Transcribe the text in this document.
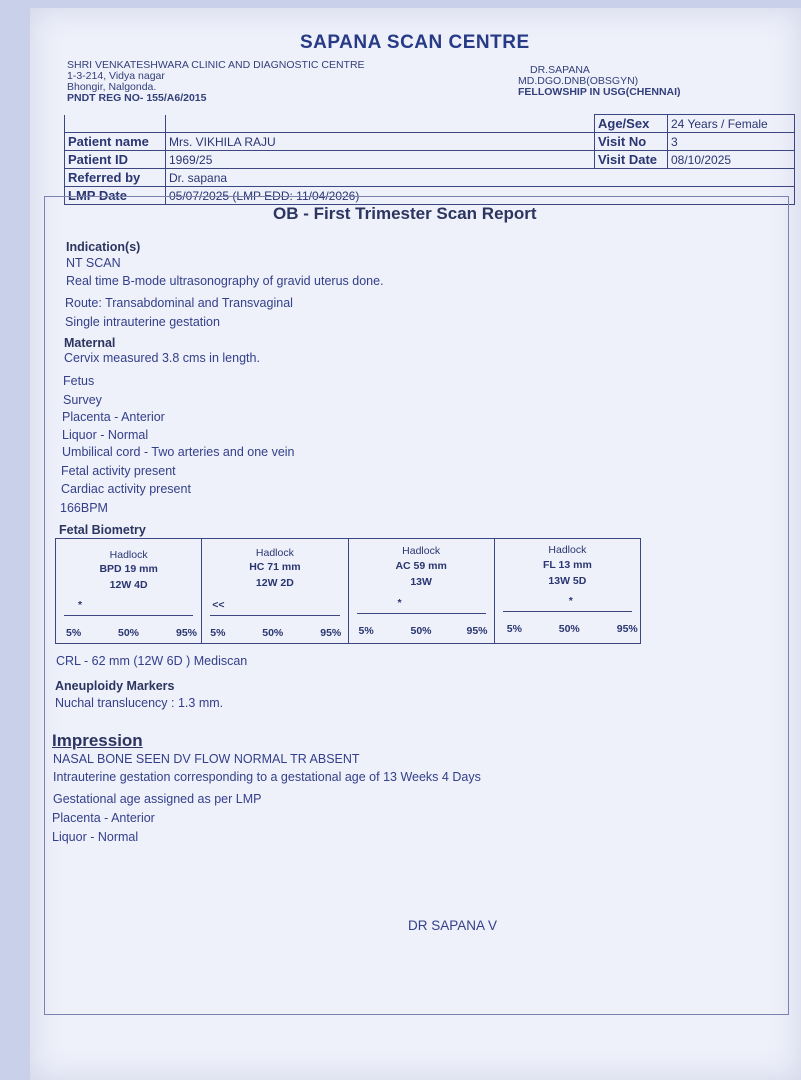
SAPANA SCAN CENTRE
SHRI VENKATESHWARA CLINIC AND DIAGNOSTIC CENTRE
1-3-214, Vidya nagar
Bhongir, Nalgonda.
PNDT REG NO- 155/A6/2015
DR.SAPANA
MD.DGO.DNB(OBSGYN)
FELLOWSHIP IN USG(CHENNAI)
		Age/Sex	24 Years / Female
Patient name	Mrs. VIKHILA RAJU	Visit No	3
Patient ID	1969/25	Visit Date	08/10/2025
Referred by	Dr. sapana		
LMP Date	05/07/2025 (LMP EDD: 11/04/2026)		
OB - First Trimester Scan Report
Indication(s)
NT SCAN
Real time B-mode ultrasonography of gravid uterus done.
Route: Transabdominal and Transvaginal
Single intrauterine gestation
Maternal
Cervix measured 3.8 cms in length.
Fetus
Survey
Placenta - Anterior
Liquor - Normal
Umbilical cord - Two arteries and one vein
Fetal activity present
Cardiac activity present
166BPM
Fetal Biometry
Hadlock
BPD 19 mm
12W 4D
*
5%	50%	95%
Hadlock
HC 71 mm
12W 2D
<<
5%	50%	95%
Hadlock
AC 59 mm
13W
*
5%	50%	95%
Hadlock
FL 13 mm
13W 5D
*
5%	50%	95%
CRL - 62 mm (12W 6D ) Mediscan
Aneuploidy Markers
Nuchal translucency : 1.3 mm.
Impression
NASAL BONE SEEN DV FLOW NORMAL TR ABSENT
Intrauterine gestation corresponding to a gestational age of 13 Weeks 4 Days
Gestational age assigned as per LMP
Placenta - Anterior
Liquor - Normal
DR SAPANA V
